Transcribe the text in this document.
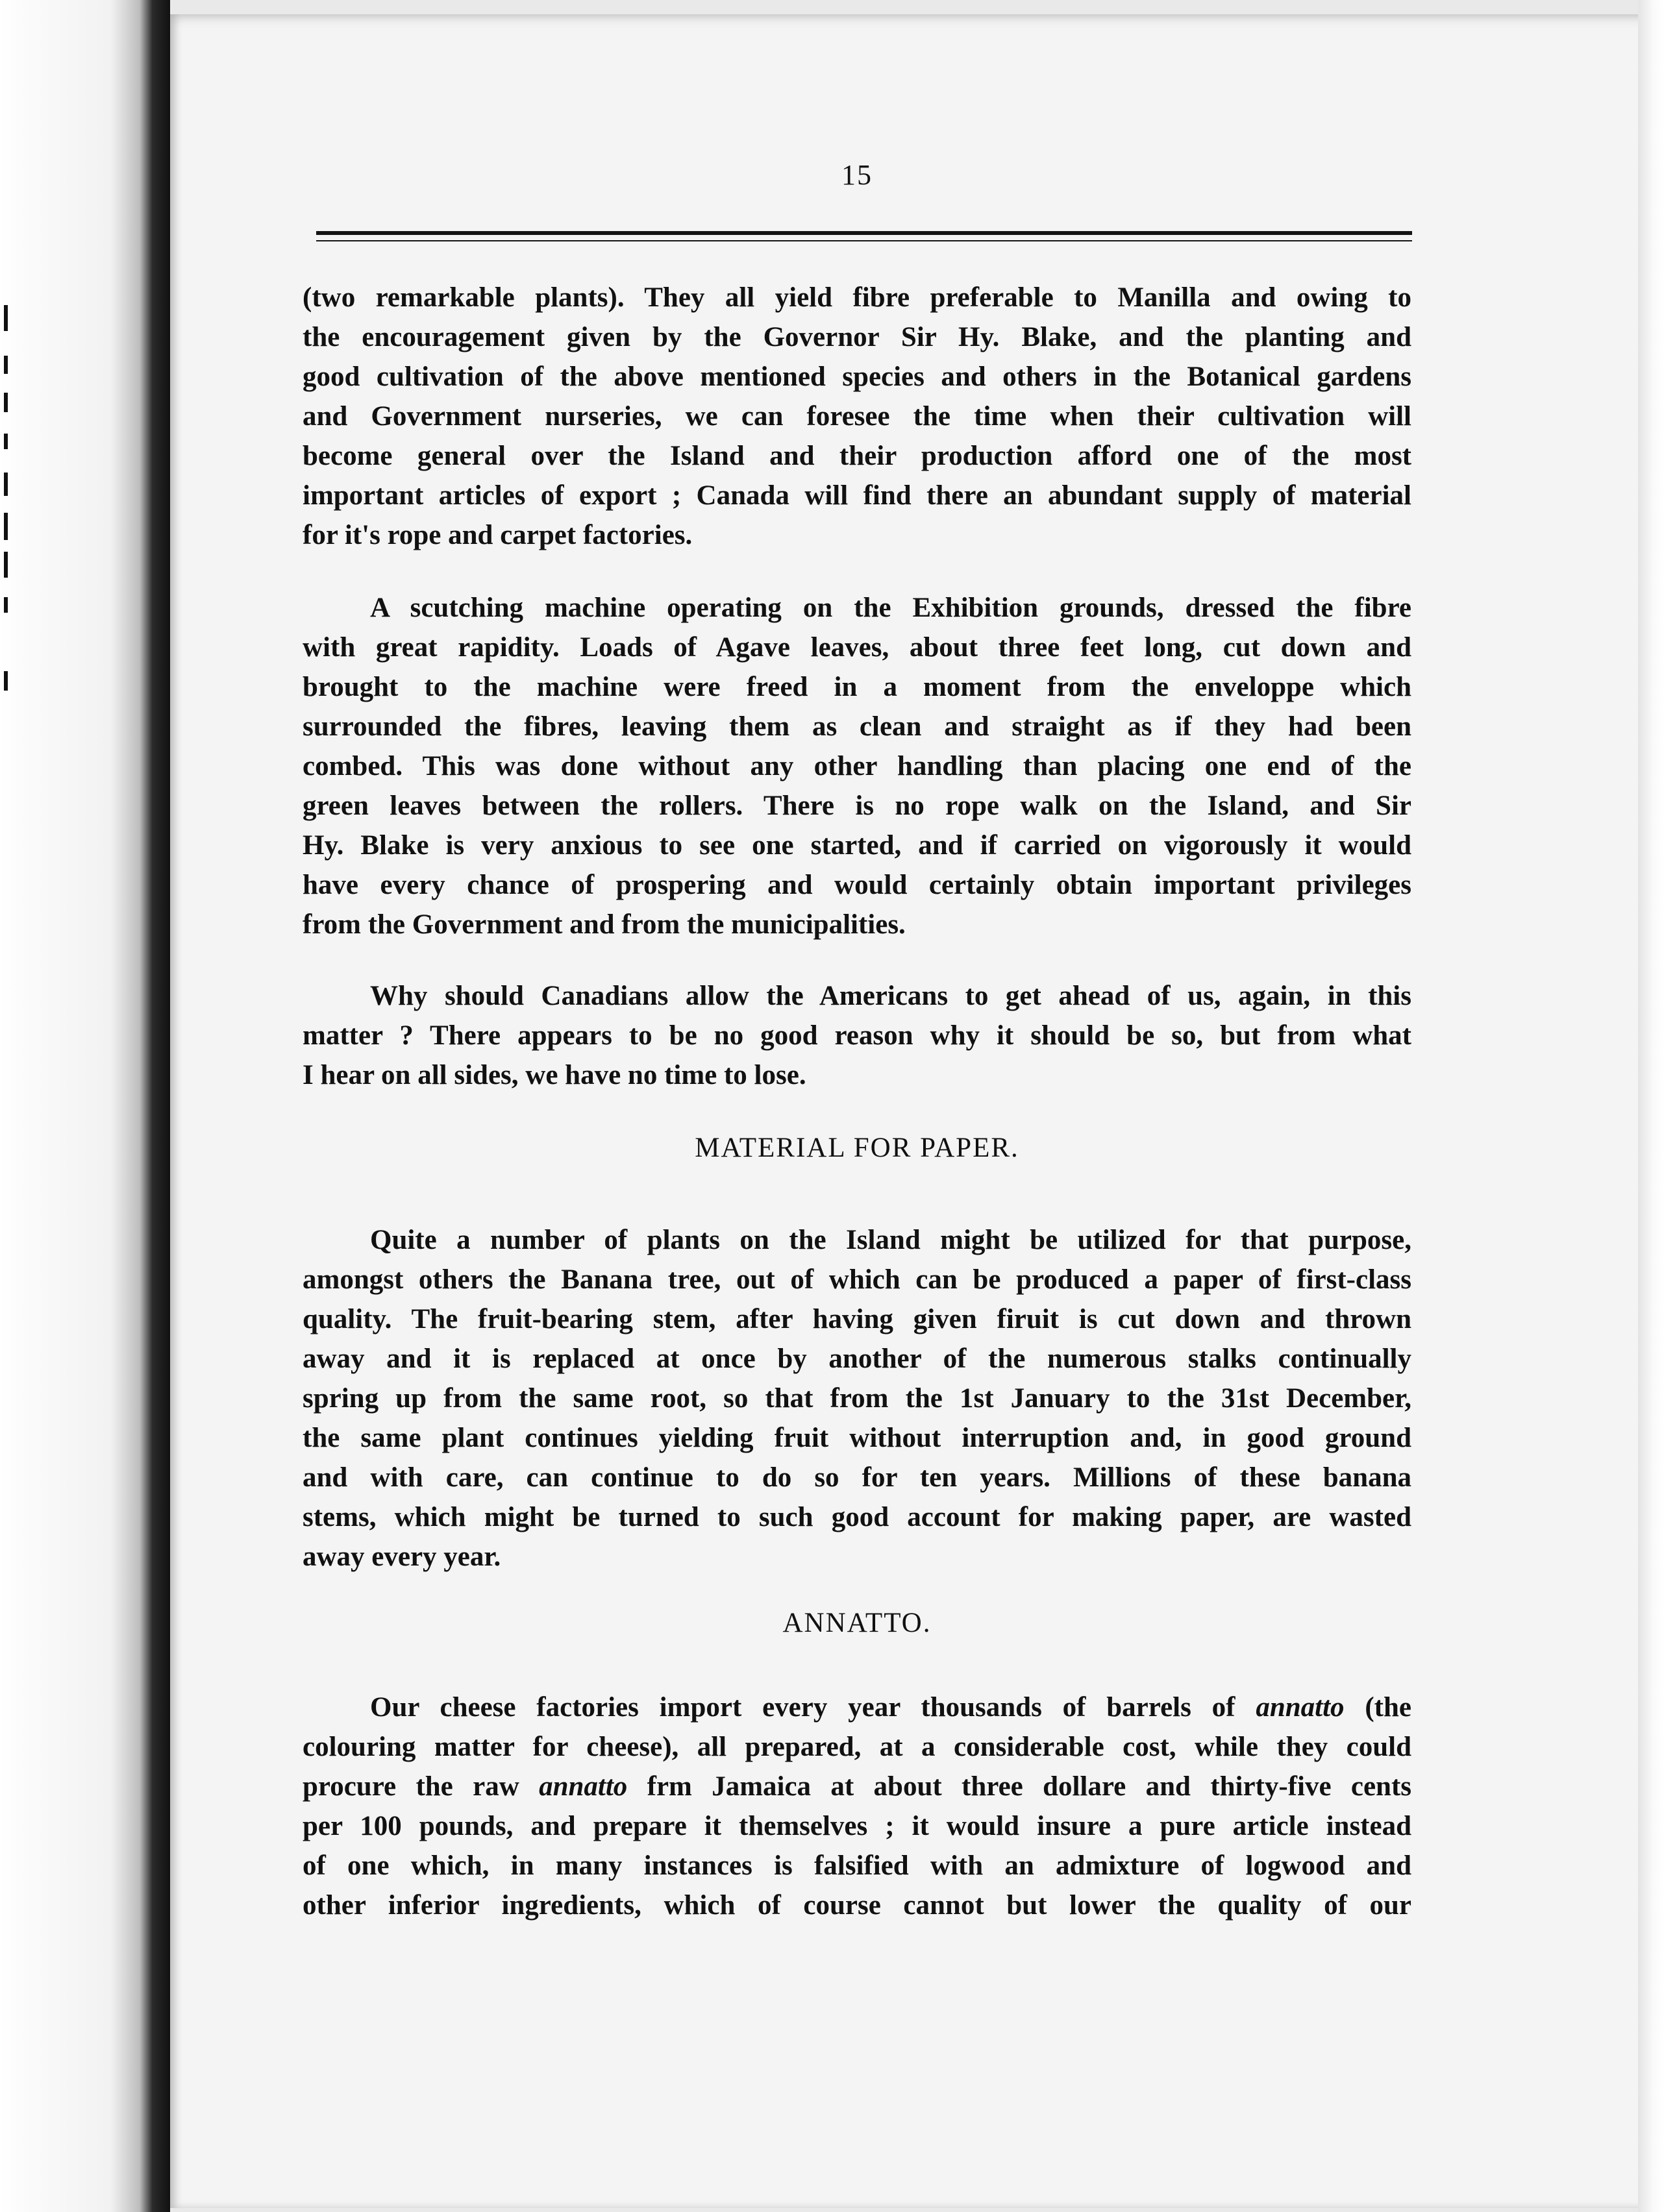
15
(two remarkable plants). They all yield fibre preferable to Manilla and owing to
the encouragement given by the Governor Sir Hy. Blake, and the planting and
good cultivation of the above mentioned species and others in the Botanical gardens
and Government nurseries, we can foresee the time when their cultivation will
become general over the Island and their production afford one of the most
important articles of export ; Canada will find there an abundant supply of material
for it's rope and carpet factories.
A scutching machine operating on the Exhibition grounds, dressed the fibre
with great rapidity. Loads of Agave leaves, about three feet long, cut down and
brought to the machine were freed in a moment from the enveloppe which
surrounded the fibres, leaving them as clean and straight as if they had been
combed. This was done without any other handling than placing one end of the
green leaves between the rollers. There is no rope walk on the Island, and Sir
Hy. Blake is very anxious to see one started, and if carried on vigorously it would
have every chance of prospering and would certainly obtain important privileges
from the Government and from the municipalities.
Why should Canadians allow the Americans to get ahead of us, again, in this
matter ? There appears to be no good reason why it should be so, but from what
I hear on all sides, we have no time to lose.
MATERIAL FOR PAPER.
Quite a number of plants on the Island might be utilized for that purpose,
amongst others the Banana tree, out of which can be produced a paper of first-class
quality. The fruit-bearing stem, after having given firuit is cut down and thrown
away and it is replaced at once by another of the numerous stalks continually
spring up from the same root, so that from the 1st January to the 31st December,
the same plant continues yielding fruit without interruption and, in good ground
and with care, can continue to do so for ten years. Millions of these banana
stems, which might be turned to such good account for making paper, are wasted
away every year.
ANNATTO.
Our cheese factories import every year thousands of barrels of annatto (the
colouring matter for cheese), all prepared, at a considerable cost, while they could
procure the raw annatto frm Jamaica at about three dollare and thirty-five cents
per 100 pounds, and prepare it themselves ; it would insure a pure article instead
of one which, in many instances is falsified with an admixture of logwood and
other inferior ingredients, which of course cannot but lower the quality of our
